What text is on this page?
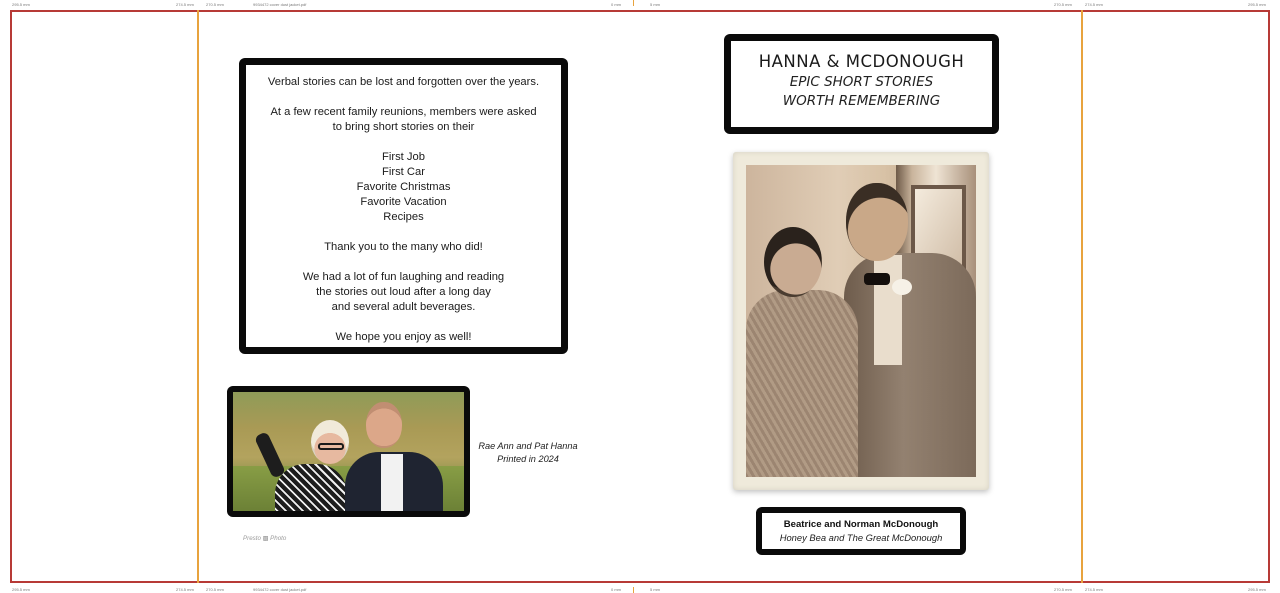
295.5 mm	274.5 mm	270.5 mm	9934472 cover dust jacket.pdf	0 mm	5 mm	270.5 mm	274.5 mm	295.5 mm
295.5 mm	274.5 mm	270.5 mm	9934472 cover dust jacket.pdf	0 mm	5 mm	270.5 mm	274.5 mm	295.5 mm

Verbal stories can be lost and forgotten over the years.

At a few recent family reunions, members were asked

to bring short stories on their

First Job

First Car

Favorite Christmas

Favorite Vacation

Recipes

Thank you to the many who did!

We had a lot of fun laughing and reading

the stories out loud after a long day

and several adult beverages.

We hope you enjoy as well!

Rae Ann and Pat Hanna
Printed in 2024
Presto ▩ Photo
HANNA & MCDONOUGH
EPIC SHORT STORIES
WORTH REMEMBERING
Beatrice and Norman McDonough
Honey Bea and The Great McDonough
